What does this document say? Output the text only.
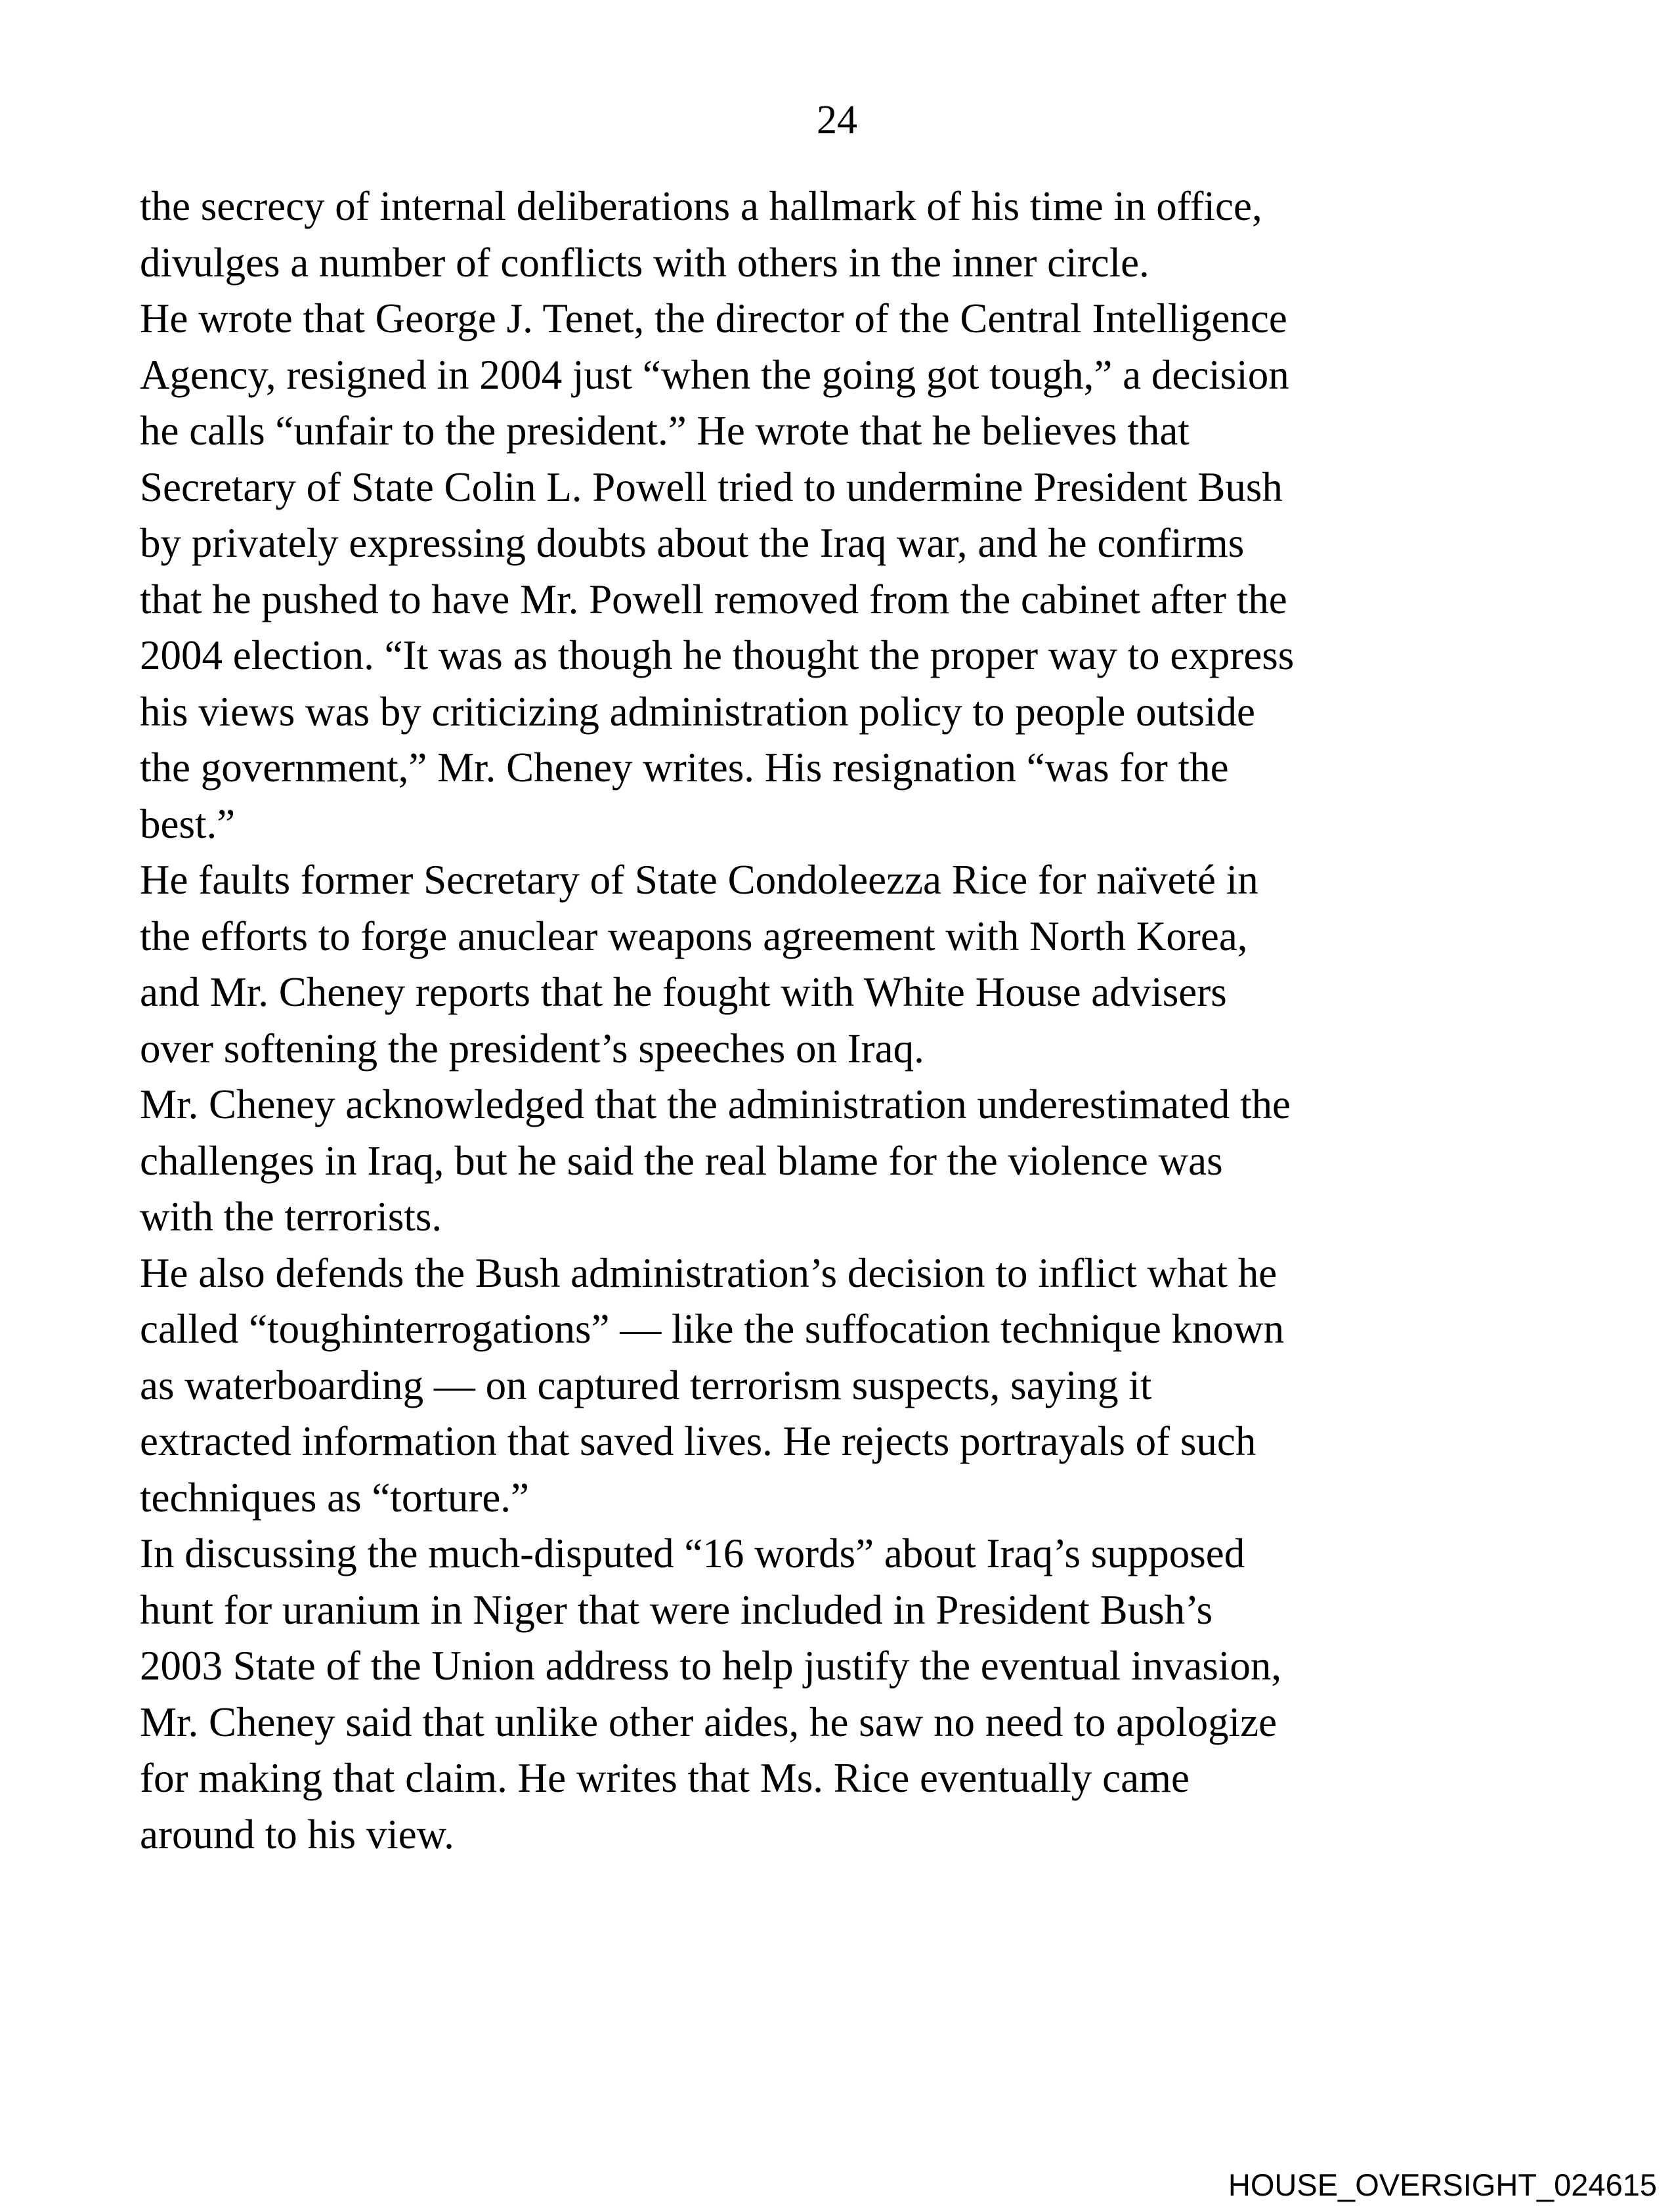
24
the secrecy of internal deliberations a hallmark of his time in office,
divulges a number of conflicts with others in the inner circle.
He wrote that George J. Tenet, the director of the Central Intelligence
Agency, resigned in 2004 just “when the going got tough,” a decision
he calls “unfair to the president.” He wrote that he believes that
Secretary of State Colin L. Powell tried to undermine President Bush
by privately expressing doubts about the Iraq war, and he confirms
that he pushed to have Mr. Powell removed from the cabinet after the
2004 election. “It was as though he thought the proper way to express
his views was by criticizing administration policy to people outside
the government,” Mr. Cheney writes. His resignation “was for the
best.”
He faults former Secretary of State Condoleezza Rice for naïveté in
the efforts to forge anuclear weapons agreement with North Korea,
and Mr. Cheney reports that he fought with White House advisers
over softening the president’s speeches on Iraq.
Mr. Cheney acknowledged that the administration underestimated the
challenges in Iraq, but he said the real blame for the violence was
with the terrorists.
He also defends the Bush administration’s decision to inflict what he
called “toughinterrogations” — like the suffocation technique known
as waterboarding — on captured terrorism suspects, saying it
extracted information that saved lives. He rejects portrayals of such
techniques as “torture.”
In discussing the much-disputed “16 words” about Iraq’s supposed
hunt for uranium in Niger that were included in President Bush’s
2003 State of the Union address to help justify the eventual invasion,
Mr. Cheney said that unlike other aides, he saw no need to apologize
for making that claim. He writes that Ms. Rice eventually came
around to his view.
HOUSE_OVERSIGHT_024615
